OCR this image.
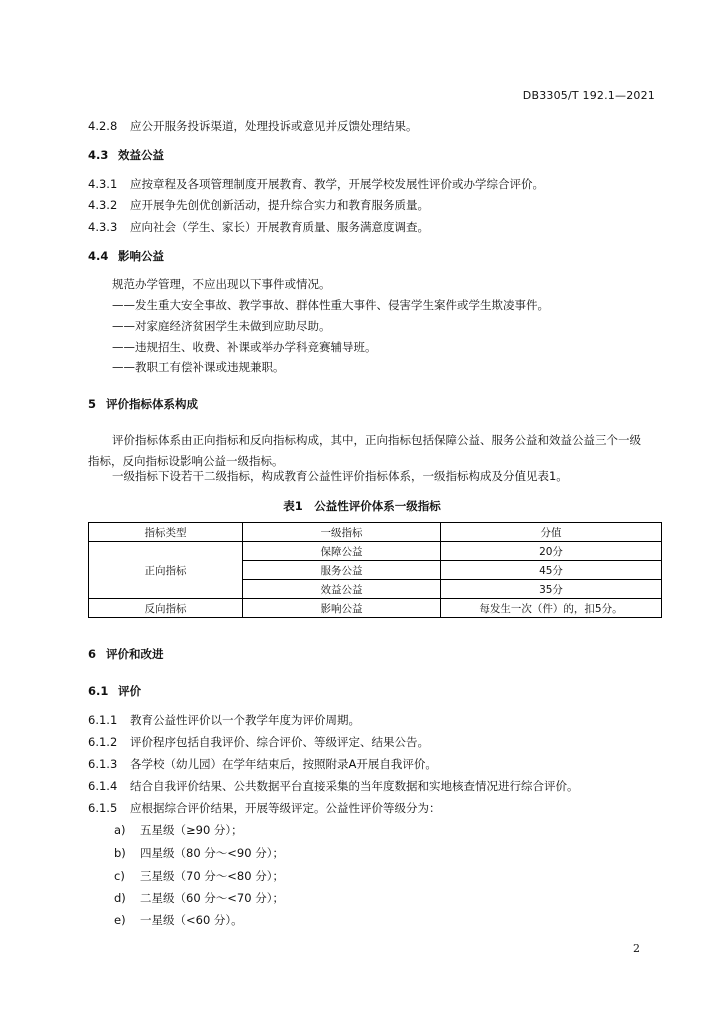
DB3305/T 192.1—2021
4.2.8 应公开服务投诉渠道，处理投诉或意见并反馈处理结果。
4.3 效益公益
4.3.1 应按章程及各项管理制度开展教育、教学，开展学校发展性评价或办学综合评价。
4.3.2 应开展争先创优创新活动，提升综合实力和教育服务质量。
4.3.3 应向社会（学生、家长）开展教育质量、服务满意度调查。
4.4 影响公益
规范办学管理，不应出现以下事件或情况。
——发生重大安全事故、教学事故、群体性重大事件、侵害学生案件或学生欺凌事件。
——对家庭经济贫困学生未做到应助尽助。
——违规招生、收费、补课或举办学科竞赛辅导班。
——教职工有偿补课或违规兼职。
5 评价指标体系构成
评价指标体系由正向指标和反向指标构成，其中，正向指标包括保障公益、服务公益和效益公益三个一级指标，反向指标设影响公益一级指标。
一级指标下设若干二级指标，构成教育公益性评价指标体系，一级指标构成及分值见表1。
表1　公益性评价体系一级指标
指标类型	一级指标	分值
正向指标	保障公益	20分
	服务公益	45分
	效益公益	35分
反向指标	影响公益	每发生一次（件）的，扣5分。
6 评价和改进
6.1 评价
6.1.1 教育公益性评价以一个教学年度为评价周期。
6.1.2 评价程序包括自我评价、综合评价、等级评定、结果公告。
6.1.3 各学校（幼儿园）在学年结束后，按照附录A开展自我评价。
6.1.4 结合自我评价结果、公共数据平台直接采集的当年度数据和实地核查情况进行综合评价。
6.1.5 应根据综合评价结果，开展等级评定。公益性评价等级分为：
a) 五星级（≥90 分）；
b) 四星级（80 分～<90 分）；
c) 三星级（70 分～<80 分）；
d) 二星级（60 分～<70 分）；
e) 一星级（<60 分）。
2
